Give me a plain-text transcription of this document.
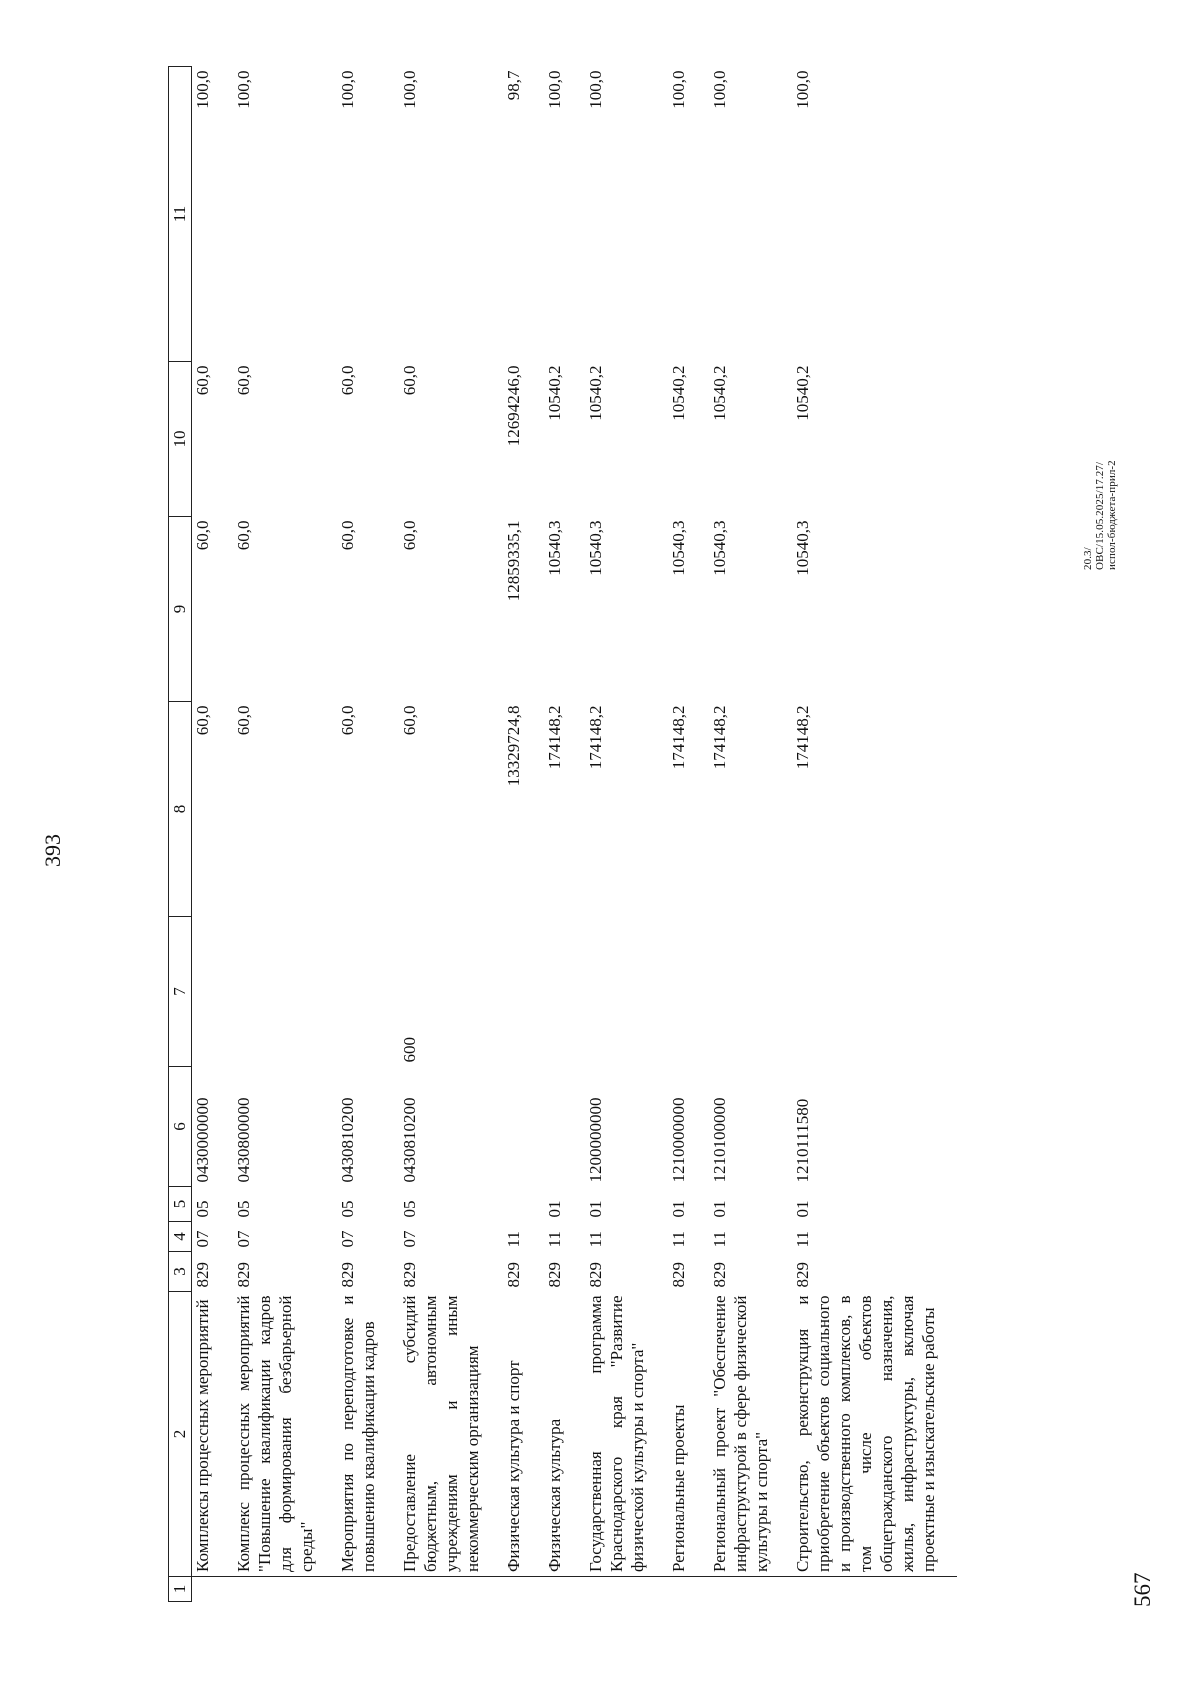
393
1	2	3	4	5	6	7	8	9	10	11
	Комплексы процессных мероприятий	829	07	05	0430000000		60,0	60,0	60,0	100,0
	Комплекс процессных мероприятий "Повышение квалификации кадров для формирования безбарьерной среды"	829	07	05	0430800000		60,0	60,0	60,0	100,0
	Мероприятия по переподготовке и повышению квалификации кадров	829	07	05	0430810200		60,0	60,0	60,0	100,0
	Предоставление субсидий бюджетным, автономным учреждениям и иным некоммерческим организациям	829	07	05	0430810200	600	60,0	60,0	60,0	100,0
	Физическая культура и спорт	829	11				13329724,8	12859335,1	12694246,0	98,7
	Физическая культура	829	11	01			174148,2	10540,3	10540,2	100,0
	Государственная программа Краснодарского края "Развитие физической культуры и спорта"	829	11	01	1200000000		174148,2	10540,3	10540,2	100,0
	Региональные проекты	829	11	01	1210000000		174148,2	10540,3	10540,2	100,0
	Региональный проект "Обеспечение инфраструктурой в сфере физической культуры и спорта"	829	11	01	1210100000		174148,2	10540,3	10540,2	100,0
	Строительство, реконструкция и приобретение объектов социального и производственного комплексов, в том числе объектов общегражданского назначения, жилья, инфраструктуры, включая проектные и изыскательские работы	829	11	01	1210111580		174148,2	10540,3	10540,2	100,0
567
20.3/ОВС/15.05.2025/17.27/испол-бюджета-прил-2
